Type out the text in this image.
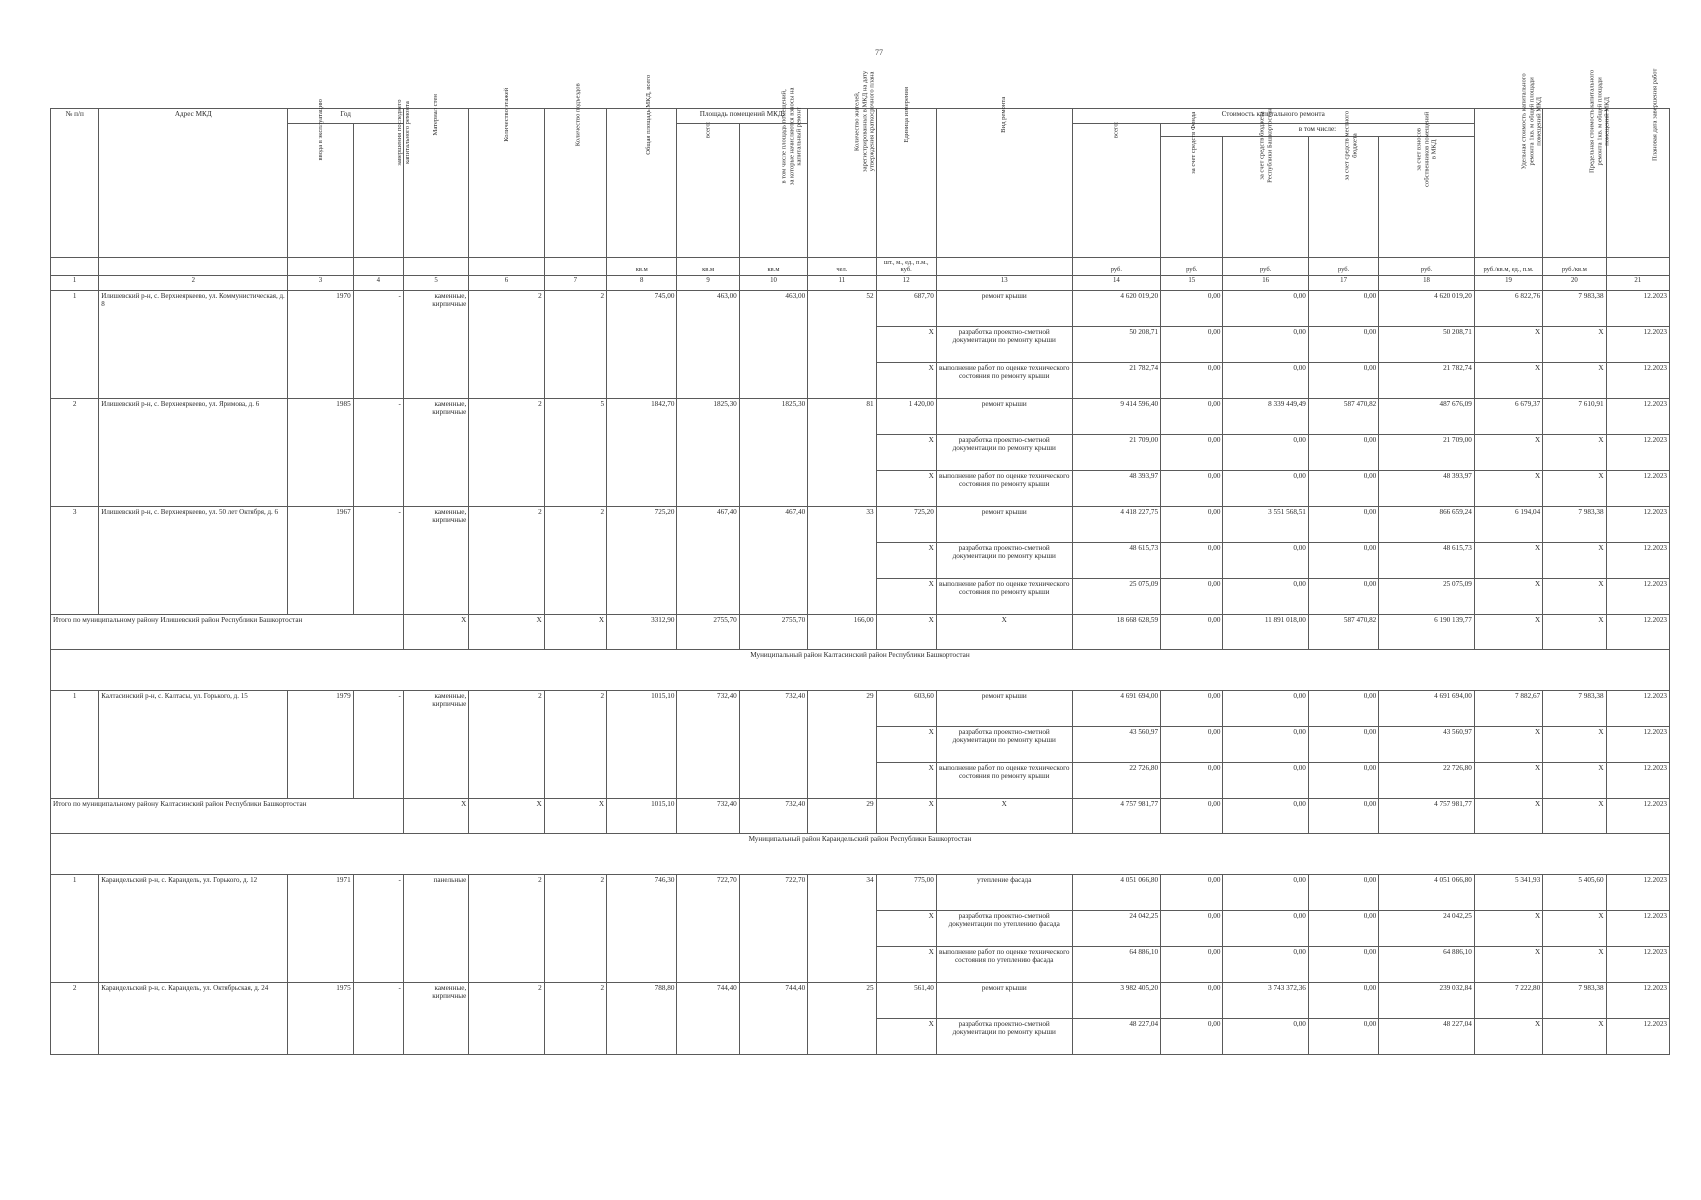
77
№ п/п	Адрес МКД	Год		Материал стен	Количество этажей	Количество подъездов	Общая площадь МКД, всего	Площадь помещений МКД:		Количество жителей, зарегистрированных в МКД на дату утверждения краткосрочного плана	Единица измерения	Вид ремонта	Стоимость капитального ремонта					Удельная стоимость капитального ремонта 1кв. м общей площади помещений МКД	Предельная стоимость капитального ремонта 1кв. м общей площади помещений МКД	Плановая дата завершения работ
		ввода в эксплуатацию	завершения последнего капитального ремонта					всего:	в том числе площадь помещений, за которые начисляются взносы на капитальный ремонт				всего:	в том числе:						
														за счет средств Фонда	за счет средств бюджета Республики Башкортостан	за счет средств местного бюджета	за счет взносов собственников помещений в МКД			
							кв.м	кв.м	кв.м	чел.	шт., м., ед., п.м., куб.		руб.	руб.	руб.	руб.	руб.	руб./кв.м, ед., п.м.	руб./кв.м	
1	2	3	4	5	6	7	8	9	10	11	12	13	14	15	16	17	18	19	20	21
1	Илишевский р-н, с. Верхнеяркеево, ул. Коммунистическая, д. 8	1970	-	каменные, кирпичные	2	2	745,00	463,00	463,00	52	687,70	ремонт крыши	4 620 019,20	0,00	0,00	0,00	4 620 019,20	6 822,76	7 983,38	12.2023
											X	разработка проектно-сметной документации по ремонту крыши	50 208,71	0,00	0,00	0,00	50 208,71	X	X	12.2023
											X	выполнение работ по оценке технического состояния по ремонту крыши	21 782,74	0,00	0,00	0,00	21 782,74	X	X	12.2023
2	Илишевский р-н, с. Верхнеяркеево, ул. Яримова, д. 6	1985	-	каменные, кирпичные	2	5	1842,70	1825,30	1825,30	81	1 420,00	ремонт крыши	9 414 596,40	0,00	8 339 449,49	587 470,82	487 676,09	6 679,37	7 610,91	12.2023
											X	разработка проектно-сметной документации по ремонту крыши	21 709,00	0,00	0,00	0,00	21 709,00	X	X	12.2023
											X	выполнение работ по оценке технического состояния по ремонту крыши	48 393,97	0,00	0,00	0,00	48 393,97	X	X	12.2023
3	Илишевский р-н, с. Верхнеяркеево, ул. 50 лет Октября, д. 6	1967	-	каменные, кирпичные	2	2	725,20	467,40	467,40	33	725,20	ремонт крыши	4 418 227,75	0,00	3 551 568,51	0,00	866 659,24	6 194,04	7 983,38	12.2023
											X	разработка проектно-сметной документации по ремонту крыши	48 615,73	0,00	0,00	0,00	48 615,73	X	X	12.2023
											X	выполнение работ по оценке технического состояния по ремонту крыши	25 075,09	0,00	0,00	0,00	25 075,09	X	X	12.2023
Итого по муниципальному району Илишевский район Республики Башкортостан				X	X	X	3312,90	2755,70	2755,70	166,00	X	X	18 668 628,59	0,00	11 891 018,00	587 470,82	6 190 139,77	X	X	12.2023
Муниципальный район Калтасинский район Республики Башкортостан																				
1	Калтасинский р-н, с. Калтасы, ул. Горького, д. 15	1979	-	каменные, кирпичные	2	2	1015,10	732,40	732,40	29	603,60	ремонт крыши	4 691 694,00	0,00	0,00	0,00	4 691 694,00	7 882,67	7 983,38	12.2023
											X	разработка проектно-сметной документации по ремонту крыши	43 560,97	0,00	0,00	0,00	43 560,97	X	X	12.2023
											X	выполнение работ по оценке технического состояния по ремонту крыши	22 726,80	0,00	0,00	0,00	22 726,80	X	X	12.2023
Итого по муниципальному району Калтасинский район Республики Башкортостан				X	X	X	1015,10	732,40	732,40	29	X	X	4 757 981,77	0,00	0,00	0,00	4 757 981,77	X	X	12.2023
Муниципальный район Караидельский район Республики Башкортостан																				
1	Караидельский р-н, с. Караидель, ул. Горького, д. 12	1971	-	панельные	2	2	746,30	722,70	722,70	34	775,00	утепление фасада	4 051 066,80	0,00	0,00	0,00	4 051 066,80	5 341,93	5 405,60	12.2023
											X	разработка проектно-сметной документации по утеплению фасада	24 042,25	0,00	0,00	0,00	24 042,25	X	X	12.2023
											X	выполнение работ по оценке технического состояния по утеплению фасада	64 886,10	0,00	0,00	0,00	64 886,10	X	X	12.2023
2	Караидельский р-н, с. Караидель, ул. Октябрьская, д. 24	1975	-	каменные, кирпичные	2	2	788,80	744,40	744,40	25	561,40	ремонт крыши	3 982 405,20	0,00	3 743 372,36	0,00	239 032,84	7 222,80	7 983,38	12.2023
											X	разработка проектно-сметной документации по ремонту крыши	48 227,04	0,00	0,00	0,00	48 227,04	X	X	12.2023
